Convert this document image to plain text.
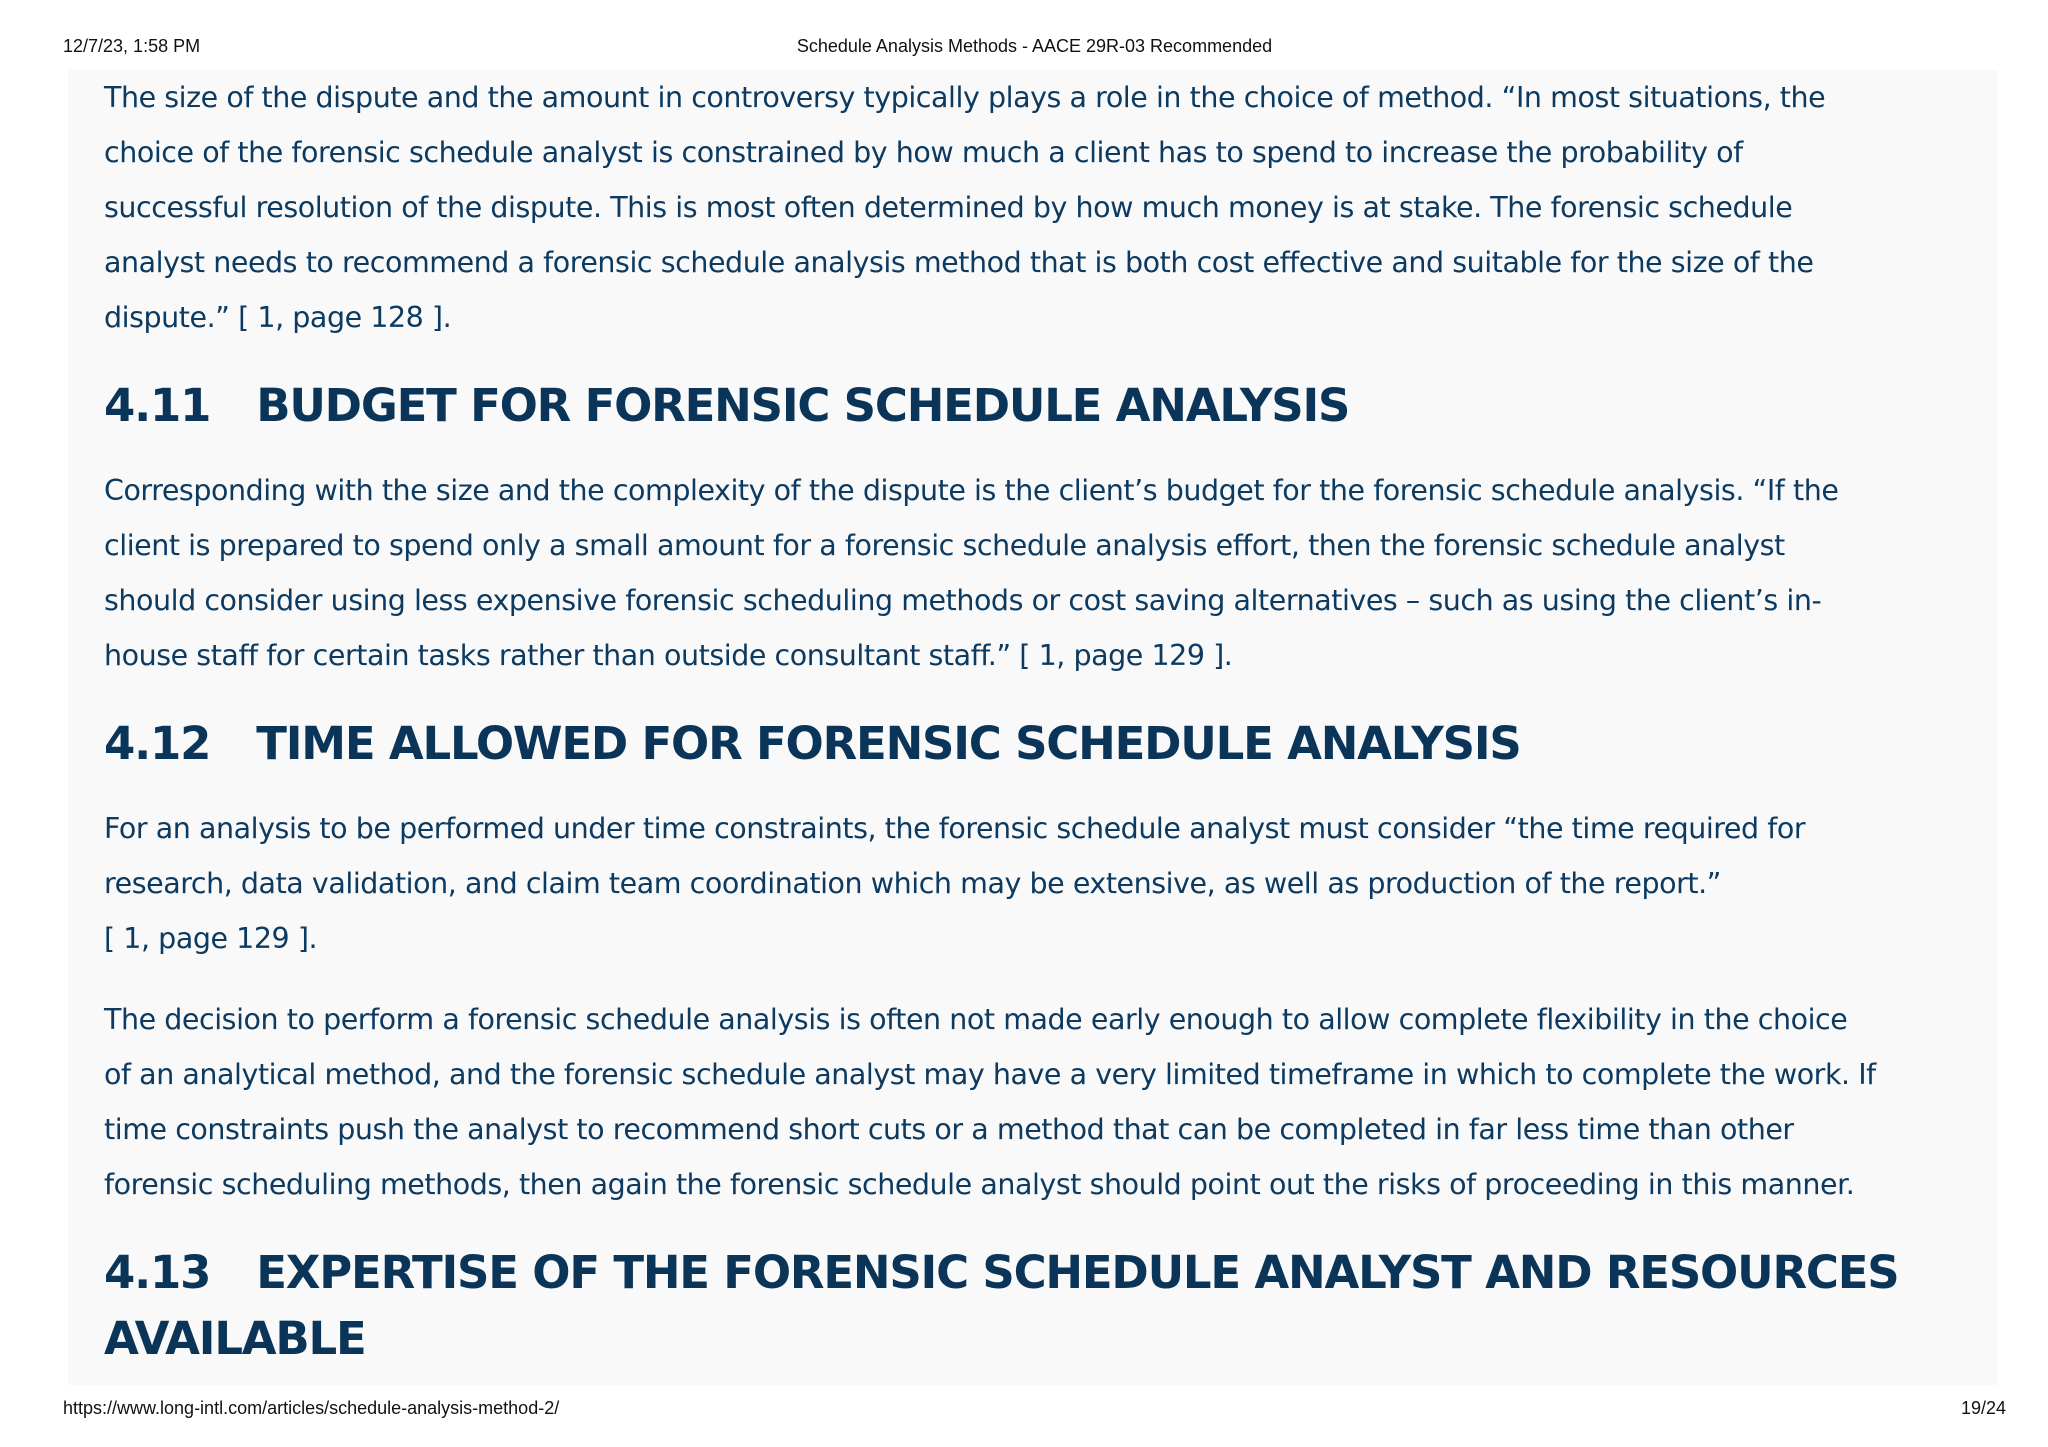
12/7/23, 1:58 PM	Schedule Analysis Methods - AACE 29R-03 Recommended

The size of the dispute and the amount in controversy typically plays a role in the choice of method. “In most situations, the

choice of the forensic schedule analyst is constrained by how much a client has to spend to increase the probability of

successful resolution of the dispute. This is most often determined by how much money is at stake. The forensic schedule

analyst needs to recommend a forensic schedule analysis method that is both cost effective and suitable for the size of the

dispute.” [ 1, page 128 ].

4.11 BUDGET FOR FORENSIC SCHEDULE ANALYSIS

Corresponding with the size and the complexity of the dispute is the client’s budget for the forensic schedule analysis. “If the

client is prepared to spend only a small amount for a forensic schedule analysis effort, then the forensic schedule analyst

should consider using less expensive forensic scheduling methods or cost saving alternatives – such as using the client’s in-

house staff for certain tasks rather than outside consultant staff.” [ 1, page 129 ].

4.12 TIME ALLOWED FOR FORENSIC SCHEDULE ANALYSIS

For an analysis to be performed under time constraints, the forensic schedule analyst must consider “the time required for

research, data validation, and claim team coordination which may be extensive, as well as production of the report.”

[ 1, page 129 ].

The decision to perform a forensic schedule analysis is often not made early enough to allow complete flexibility in the choice

of an analytical method, and the forensic schedule analyst may have a very limited timeframe in which to complete the work. If

time constraints push the analyst to recommend short cuts or a method that can be completed in far less time than other

forensic scheduling methods, then again the forensic schedule analyst should point out the risks of proceeding in this manner.

4.13 EXPERTISE OF THE FORENSIC SCHEDULE ANALYST AND RESOURCES
AVAILABLE
https://www.long-intl.com/articles/schedule-analysis-method-2/	19/24
